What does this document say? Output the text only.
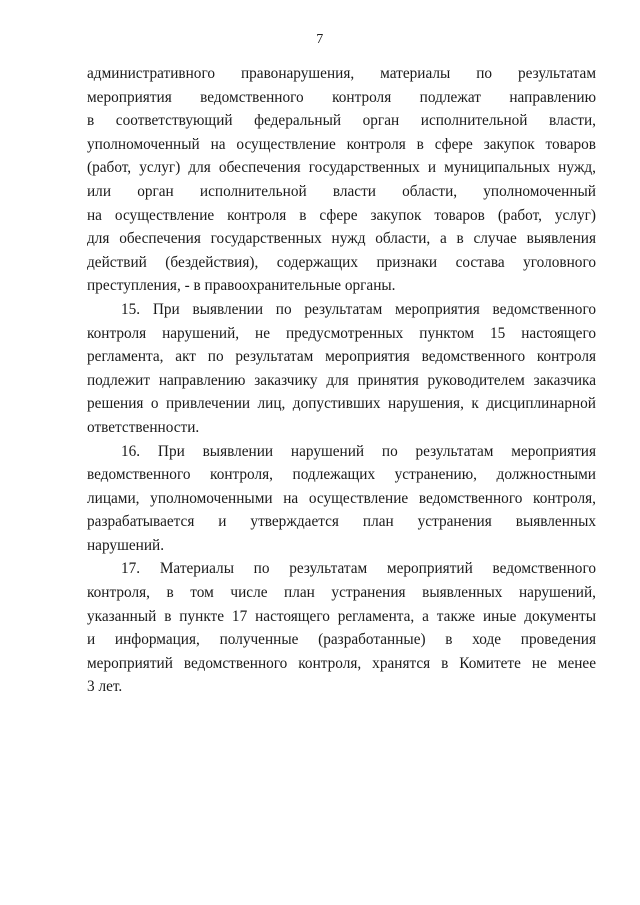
7
административного правонарушения, материалы по результатам
мероприятия ведомственного контроля подлежат направлению
в соответствующий федеральный орган исполнительной власти,
уполномоченный на осуществление контроля в сфере закупок товаров
(работ, услуг) для обеспечения государственных и муниципальных нужд,
или орган исполнительной власти области, уполномоченный
на осуществление контроля в сфере закупок товаров (работ, услуг)
для обеспечения государственных нужд области, а в случае выявления
действий (бездействия), содержащих признаки состава уголовного
преступления, - в правоохранительные органы.
15. При выявлении по результатам мероприятия ведомственного
контроля нарушений, не предусмотренных пунктом 15 настоящего
регламента, акт по результатам мероприятия ведомственного контроля
подлежит направлению заказчику для принятия руководителем заказчика
решения о привлечении лиц, допустивших нарушения, к дисциплинарной
ответственности.
16. При выявлении нарушений по результатам мероприятия
ведомственного контроля, подлежащих устранению, должностными
лицами, уполномоченными на осуществление ведомственного контроля,
разрабатывается и утверждается план устранения выявленных
нарушений.
17. Материалы по результатам мероприятий ведомственного
контроля, в том числе план устранения выявленных нарушений,
указанный в пункте 17 настоящего регламента, а также иные документы
и информация, полученные (разработанные) в ходе проведения
мероприятий ведомственного контроля, хранятся в Комитете не менее
3 лет.
